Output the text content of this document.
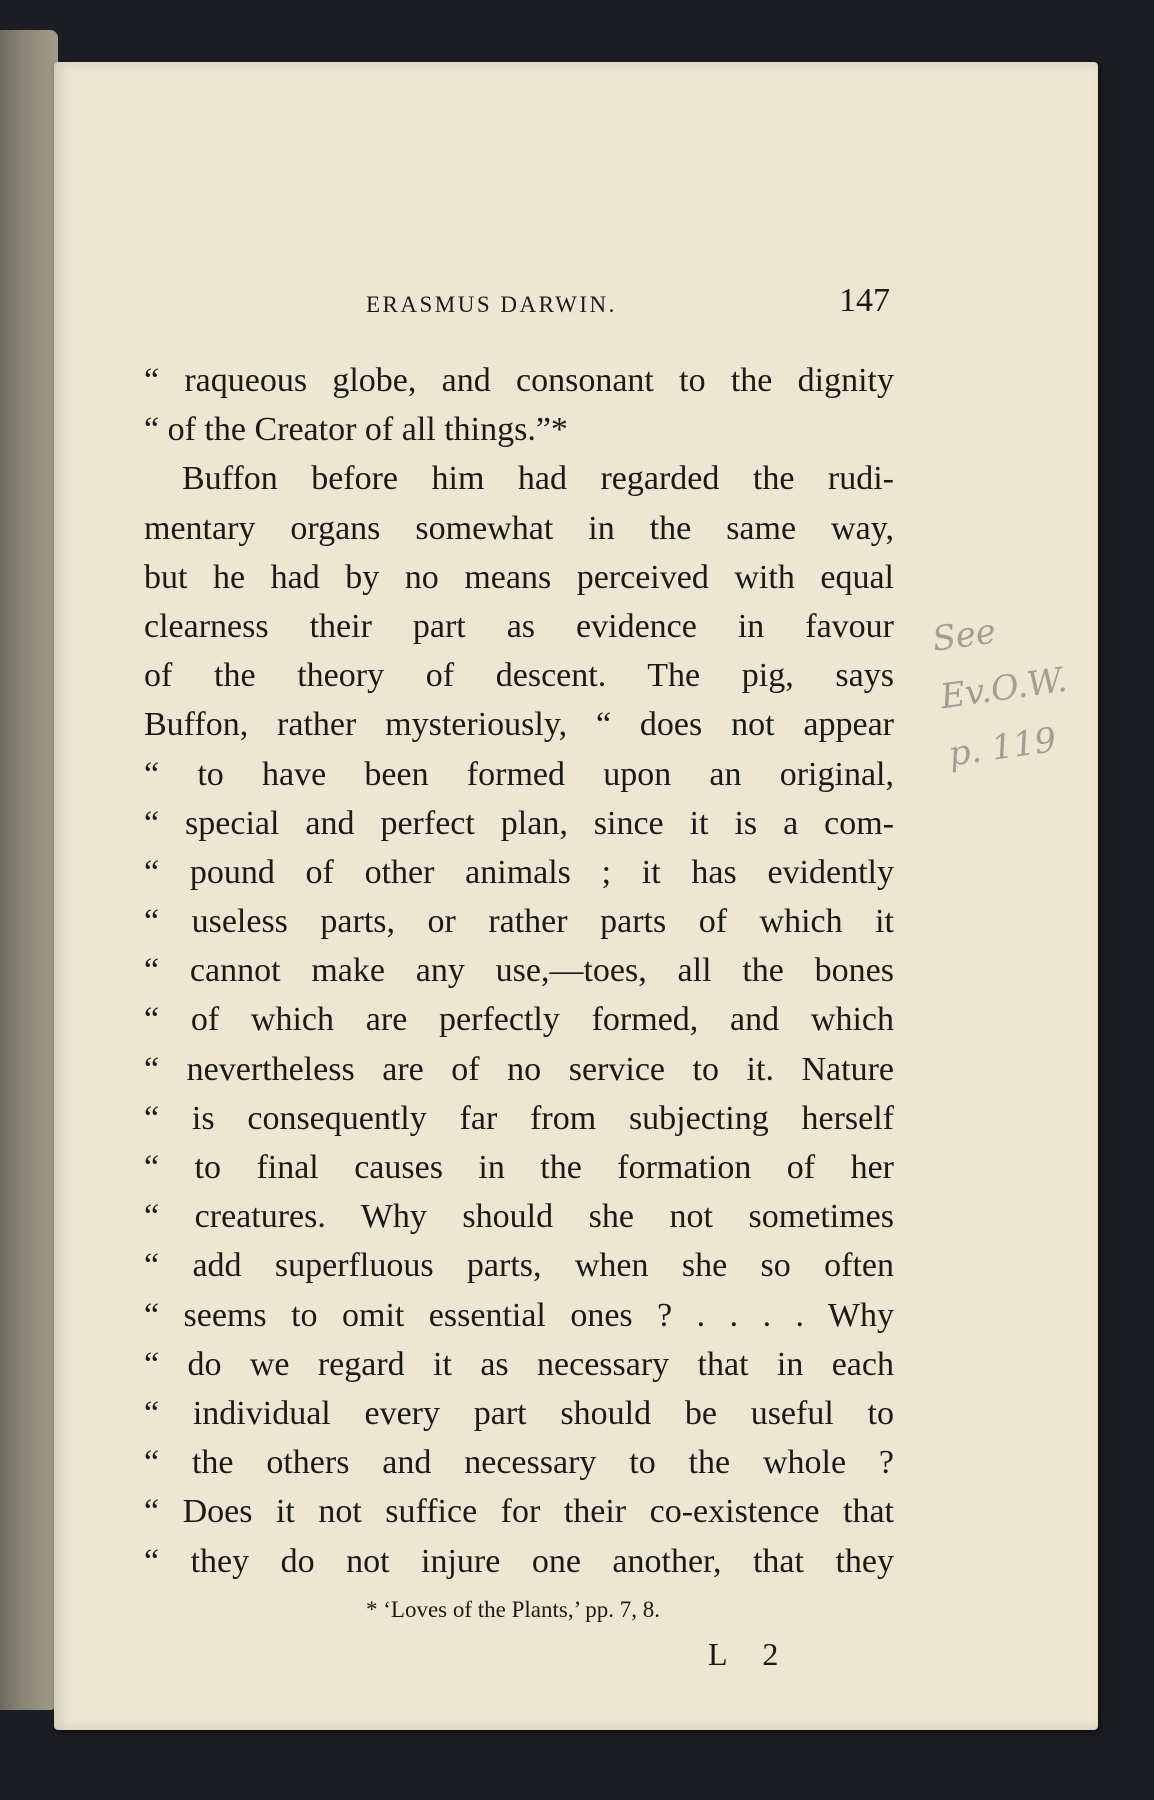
ERASMUS DARWIN.	147
“ raqueous globe, and consonant to the dignity
“ of the Creator of all things.”*
Buffon before him had regarded the rudi-
mentary organs somewhat in the same way,
but he had by no means perceived with equal
clearness their part as evidence in favour
of the theory of descent. The pig, says
Buffon, rather mysteriously, “ does not appear
“ to have been formed upon an original,
“ special and perfect plan, since it is a com-
“ pound of other animals ; it has evidently
“ useless parts, or rather parts of which it
“ cannot make any use,—toes, all the bones
“ of which are perfectly formed, and which
“ nevertheless are of no service to it. Nature
“ is consequently far from subjecting herself
“ to final causes in the formation of her
“ creatures. Why should she not sometimes
“ add superfluous parts, when she so often
“ seems to omit essential ones ? . . . . Why
“ do we regard it as necessary that in each
“ individual every part should be useful to
“ the others and necessary to the whole ?
“ Does it not suffice for their co-existence that
“ they do not injure one another, that they
* ‘Loves of the Plants,’ pp. 7, 8.
L 2
See Ev.O.W.
p. 119
